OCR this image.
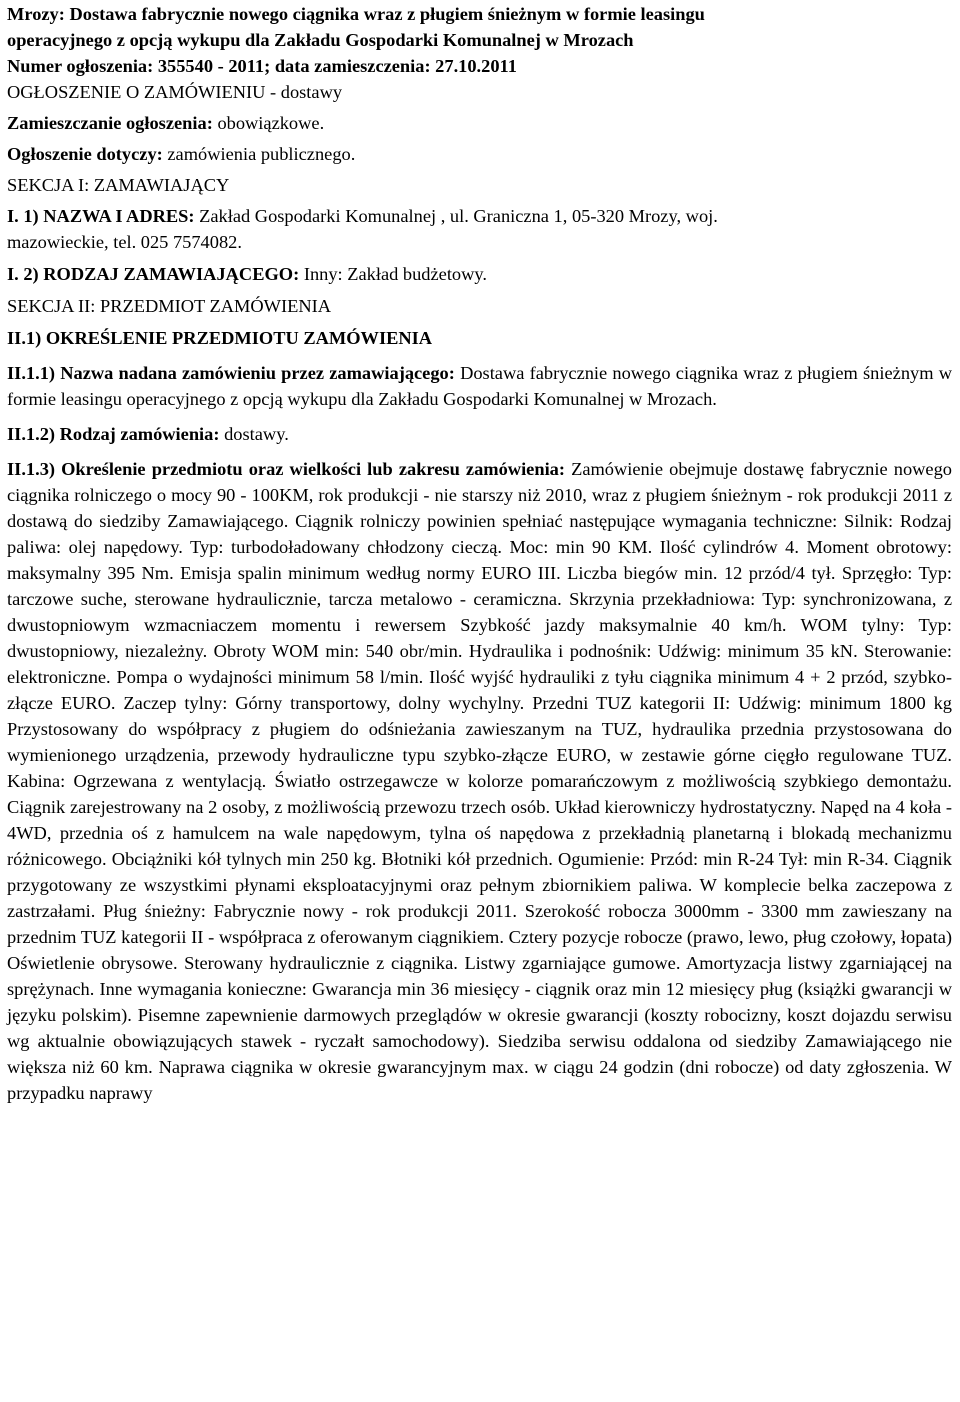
Mrozy: Dostawa fabrycznie nowego ciągnika wraz z pługiem śnieżnym w formie leasingu
operacyjnego z opcją wykupu dla Zakładu Gospodarki Komunalnej w Mrozach
Numer ogłoszenia: 355540 - 2011; data zamieszczenia: 27.10.2011
OGŁOSZENIE O ZAMÓWIENIU - dostawy
Zamieszczanie ogłoszenia: obowiązkowe.
Ogłoszenie dotyczy: zamówienia publicznego.
SEKCJA I: ZAMAWIAJĄCY
I. 1) NAZWA I ADRES: Zakład Gospodarki Komunalnej , ul. Graniczna 1, 05-320 Mrozy, woj.
mazowieckie, tel. 025 7574082.
I. 2) RODZAJ ZAMAWIAJĄCEGO: Inny: Zakład budżetowy.
SEKCJA II: PRZEDMIOT ZAMÓWIENIA
II.1) OKREŚLENIE PRZEDMIOTU ZAMÓWIENIA

II.1.1) Nazwa nadana zamówieniu przez zamawiającego: Dostawa fabrycznie nowego ciągnika wraz z pługiem śnieżnym w formie leasingu operacyjnego z opcją wykupu dla Zakładu Gospodarki Komunalnej w Mrozach.

II.1.2) Rodzaj zamówienia: dostawy.

II.1.3) Określenie przedmiotu oraz wielkości lub zakresu zamówienia: Zamówienie obejmuje dostawę fabrycznie nowego ciągnika rolniczego o mocy 90 - 100KM, rok produkcji - nie starszy niż 2010, wraz z pługiem śnieżnym - rok produkcji 2011 z dostawą do siedziby Zamawiającego. Ciągnik rolniczy powinien spełniać następujące wymagania techniczne: Silnik: Rodzaj paliwa: olej napędowy. Typ: turbodoładowany chłodzony cieczą. Moc: min 90 KM. Ilość cylindrów 4. Moment obrotowy: maksymalny 395 Nm. Emisja spalin minimum według normy EURO III. Liczba biegów min. 12 przód/4 tył. Sprzęgło: Typ: tarczowe suche, sterowane hydraulicznie, tarcza metalowo - ceramiczna. Skrzynia przekładniowa: Typ: synchronizowana, z dwustopniowym wzmacniaczem momentu i rewersem Szybkość jazdy maksymalnie 40 km/h. WOM tylny: Typ: dwustopniowy, niezależny. Obroty WOM min: 540 obr/min. Hydraulika i podnośnik: Udźwig: minimum 35 kN. Sterowanie: elektroniczne. Pompa o wydajności minimum 58 l/min. Ilość wyjść hydrauliki z tyłu ciągnika minimum 4 + 2 przód, szybko-złącze EURO. Zaczep tylny: Górny transportowy, dolny wychylny. Przedni TUZ kategorii II: Udźwig: minimum 1800 kg Przystosowany do współpracy z pługiem do odśnieżania zawieszanym na TUZ, hydraulika przednia przystosowana do wymienionego urządzenia, przewody hydrauliczne typu szybko-złącze EURO, w zestawie górne cięgło regulowane TUZ. Kabina: Ogrzewana z wentylacją. Światło ostrzegawcze w kolorze pomarańczowym z możliwością szybkiego demontażu. Ciągnik zarejestrowany na 2 osoby, z możliwością przewozu trzech osób. Układ kierowniczy hydrostatyczny. Napęd na 4 koła - 4WD, przednia oś z hamulcem na wale napędowym, tylna oś napędowa z przekładnią planetarną i blokadą mechanizmu różnicowego. Obciążniki kół tylnych min 250 kg. Błotniki kół przednich. Ogumienie: Przód: min R-24 Tył: min R-34. Ciągnik przygotowany ze wszystkimi płynami eksploatacyjnymi oraz pełnym zbiornikiem paliwa. W komplecie belka zaczepowa z zastrzałami. Pług śnieżny: Fabrycznie nowy - rok produkcji 2011. Szerokość robocza 3000mm - 3300 mm zawieszany na przednim TUZ kategorii II - współpraca z oferowanym ciągnikiem. Cztery pozycje robocze (prawo, lewo, pług czołowy, łopata) Oświetlenie obrysowe. Sterowany hydraulicznie z ciągnika. Listwy zgarniające gumowe. Amortyzacja listwy zgarniającej na sprężynach. Inne wymagania konieczne: Gwarancja min 36 miesięcy - ciągnik oraz min 12 miesięcy pług (książki gwarancji w języku polskim). Pisemne zapewnienie darmowych przeglądów w okresie gwarancji (koszty robocizny, koszt dojazdu serwisu wg aktualnie obowiązujących stawek - ryczałt samochodowy). Siedziba serwisu oddalona od siedziby Zamawiającego nie większa niż 60 km. Naprawa ciągnika w okresie gwarancyjnym max. w ciągu 24 godzin (dni robocze) od daty zgłoszenia. W przypadku naprawy
